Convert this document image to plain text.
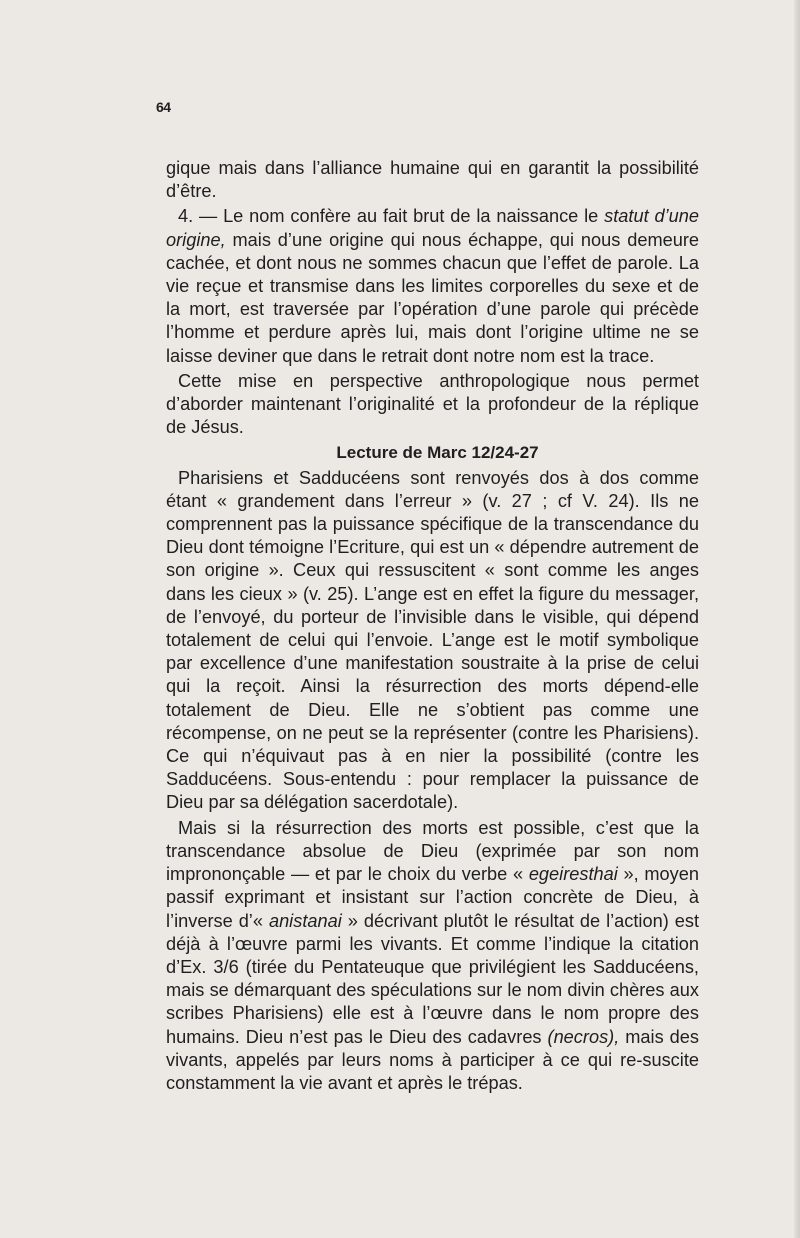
64

gique mais dans l’alliance humaine qui en garantit la possibilité d’être.

4. — Le nom confère au fait brut de la naissance le statut d’une origine, mais d’une origine qui nous échappe, qui nous demeure cachée, et dont nous ne sommes chacun que l’effet de parole. La vie reçue et transmise dans les limites corporelles du sexe et de la mort, est traversée par l’opération d’une parole qui précède l’homme et perdure après lui, mais dont l’origine ultime ne se laisse deviner que dans le retrait dont notre nom est la trace.

Cette mise en perspective anthropologique nous permet d’aborder maintenant l’originalité et la profondeur de la réplique de Jésus.

Lecture de Marc 12/24-27

Pharisiens et Sadducéens sont renvoyés dos à dos comme étant « grandement dans l’erreur » (v. 27 ; cf V. 24). Ils ne comprennent pas la puissance spécifique de la transcendance du Dieu dont témoigne l’Ecriture, qui est un « dépendre autrement de son origine ». Ceux qui ressuscitent « sont comme les anges dans les cieux » (v. 25). L’ange est en effet la figure du messager, de l’envoyé, du porteur de l’invisible dans le visible, qui dépend totalement de celui qui l’envoie. L’ange est le motif symbolique par excellence d’une manifestation soustraite à la prise de celui qui la reçoit. Ainsi la résurrection des morts dépend-elle totalement de Dieu. Elle ne s’obtient pas comme une récompense, on ne peut se la représenter (contre les Pharisiens). Ce qui n’équivaut pas à en nier la possibilité (contre les Sadducéens. Sous-entendu : pour remplacer la puissance de Dieu par sa délégation sacerdotale).

Mais si la résurrection des morts est possible, c’est que la transcendance absolue de Dieu (exprimée par son nom imprononçable — et par le choix du verbe « egeiresthai », moyen passif exprimant et insistant sur l’action concrète de Dieu, à l’inverse d’« anistanai » décrivant plutôt le résultat de l’action) est déjà à l’œuvre parmi les vivants. Et comme l’indique la citation d’Ex. 3/6 (tirée du Pentateuque que privilégient les Sadducéens, mais se démarquant des spéculations sur le nom divin chères aux scribes Pharisiens) elle est à l’œuvre dans le nom propre des humains. Dieu n’est pas le Dieu des cadavres (necros), mais des vivants, appelés par leurs noms à participer à ce qui re-suscite constamment la vie avant et après le trépas.
